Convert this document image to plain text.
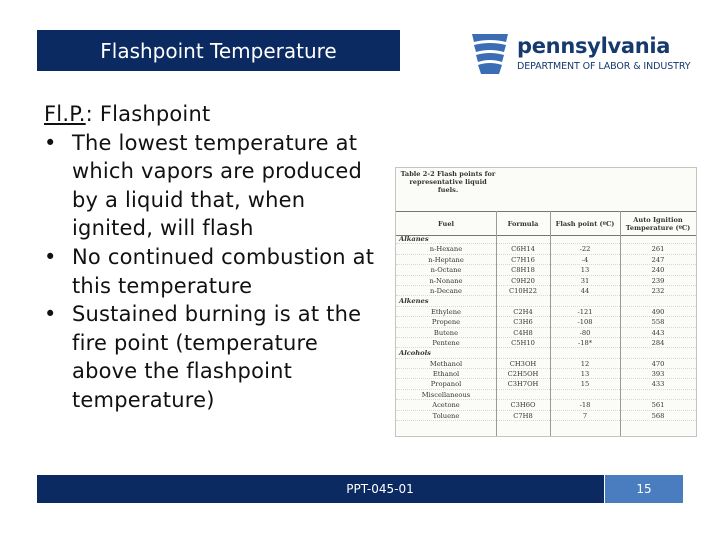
Flashpoint Temperature	pennsylvania
DEPARTMENT OF LABOR & INDUSTRY

Fl.P.: Flashpoint

• The lowest temperature at which vapors are produced by a liquid that, when ignited, will flash
• No continued combustion at this temperature
• Sustained burning is at the fire point (temperature above the flashpoint temperature)
Table 2-2 Flash points for representative liquid fuels.
Fuel	Formula	Flash point (ºC)	Auto Ignition Temperature (ºC)
Alkanes
n-Hexane	C6H14	-22	261
n-Heptane	C7H16	-4	247
n-Octane	C8H18	13	240
n-Nonane	C9H20	31	239
n-Decane	C10H22	44	232
Alkenes
Ethylene	C2H4	-121	490
Propene	C3H6	-108	558
Butene	C4H8	-80	443
Pentene	C5H10	-18*	284
Alcohols
Methanol	CH3OH	12	470
Ethanol	C2H5OH	13	393
Propanol	C3H7OH	15	433
Miscellaneous
Acetone	C3H6O	-18	561
Toluene	C7H8	7	568
PPT-045-01	15
